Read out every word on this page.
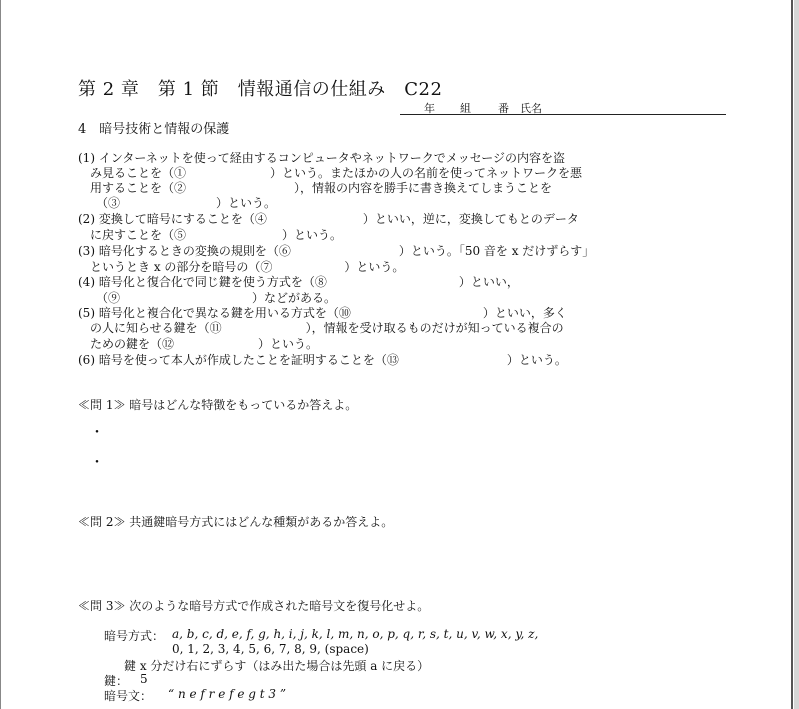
第 2 章　第 1 節　情報通信の仕組み　C22
年 組 番 氏名
4　暗号技術と情報の保護
(1) インターネットを使って経由するコンピュータやネットワークでメッセージの内容を盗
　み見ることを（①　　　　　　　）という。またほかの人の名前を使ってネットワークを悪
　用することを（②　　　　　　　　　），情報の内容を勝手に書き換えてしまうことを
　　（③　　　　　　　　）という。
(2) 変換して暗号にすることを（④　　　　　　　　）といい，逆に，変換してもとのデータ
　に戻すことを（⑤　　　　　　　　）という。
(3) 暗号化するときの変換の規則を（⑥　　　　　　　　　）という。「50 音を x だけずらす」
　というとき x の部分を暗号の（⑦　　　　　　）という。
(4) 暗号化と復合化で同じ鍵を使う方式を（⑧　　　　　　　　　　　）といい，
　　（⑨　　　　　　　　　　　）などがある。
(5) 暗号化と複合化で異なる鍵を用いる方式を（⑩　　　　　　　　　　　）といい，多く
　の人に知らせる鍵を（⑪　　　　　　　），情報を受け取るものだけが知っている複合の
　ための鍵を（⑫　　　　　　　）という。
(6) 暗号を使って本人が作成したことを証明することを（⑬　　　　　　　　　）という。
≪問 1≫ 暗号はどんな特徴をもっているか答えよ。
・
・
≪問 2≫ 共通鍵暗号方式にはどんな種類があるか答えよ。
≪問 3≫ 次のような暗号方式で作成された暗号文を復号化せよ。
暗号方式： a, b, c, d, e, f, g, h, i, j, k, l, m, n, o, p, q, r, s, t, u, v, w, x, y, z,
0, 1, 2, 3, 4, 5, 6, 7, 8, 9, (space)
鍵 x 分だけ右にずらす（はみ出た場合は先頭 a に戻る）
鍵： 5
暗号文： “ n e f r e f e g t 3 ”
